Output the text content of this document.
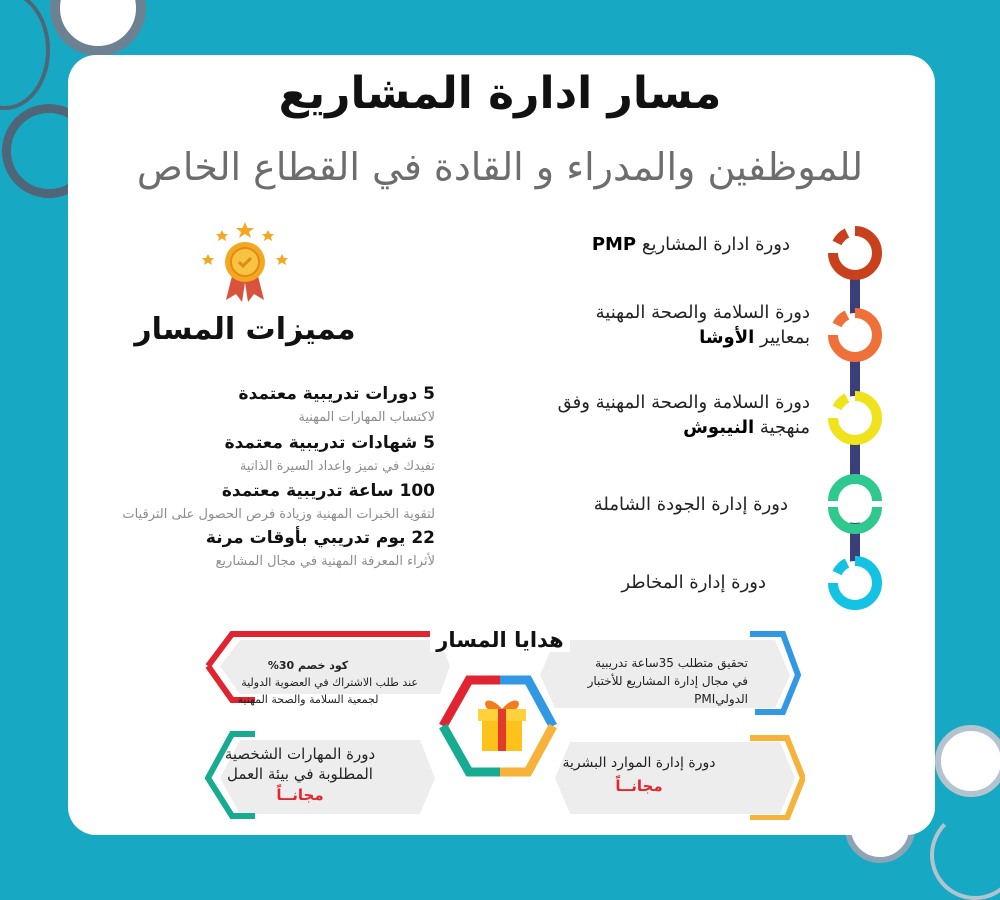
مسار ادارة المشاريع
للموظفين والمدراء و القادة في القطاع الخاص
دورة ادارة المشاريع PMP
دورة السلامة والصحة المهنية
بمعايير الأوشا
دورة السلامة والصحة المهنية وفق
منهجية النيبوش
دورة إدارة الجودة الشاملة
دورة إدارة المخاطر
مميزات المسار
5 دورات تدريبية معتمدة
لاكتساب المهارات المهنية
5 شهادات تدريبية معتمدة
تفيدك في تميز واعداد السيرة الذاتية
100 ساعة تدريبية معتمدة
لتقوية الخبرات المهنية وزيادة فرص الحصول على الترقيات
22 يوم تدريبي بأوقات مرنة
لأثراء المعرفة المهنية في مجال المشاريع
هدايا المسار
تحقيق متطلب 35ساعة تدريبية
في مجال إدارة المشاريع للأختبار
الدوليPMI
كود خصم 30%
عند طلب الاشتراك في العضوية الدولية
لجمعية السلامة والصحة المهنية
دورة إدارة الموارد البشرية
مجانــاً
دورة المهارات الشخصية
المطلوبة في بيئة العمل
مجانــاً
